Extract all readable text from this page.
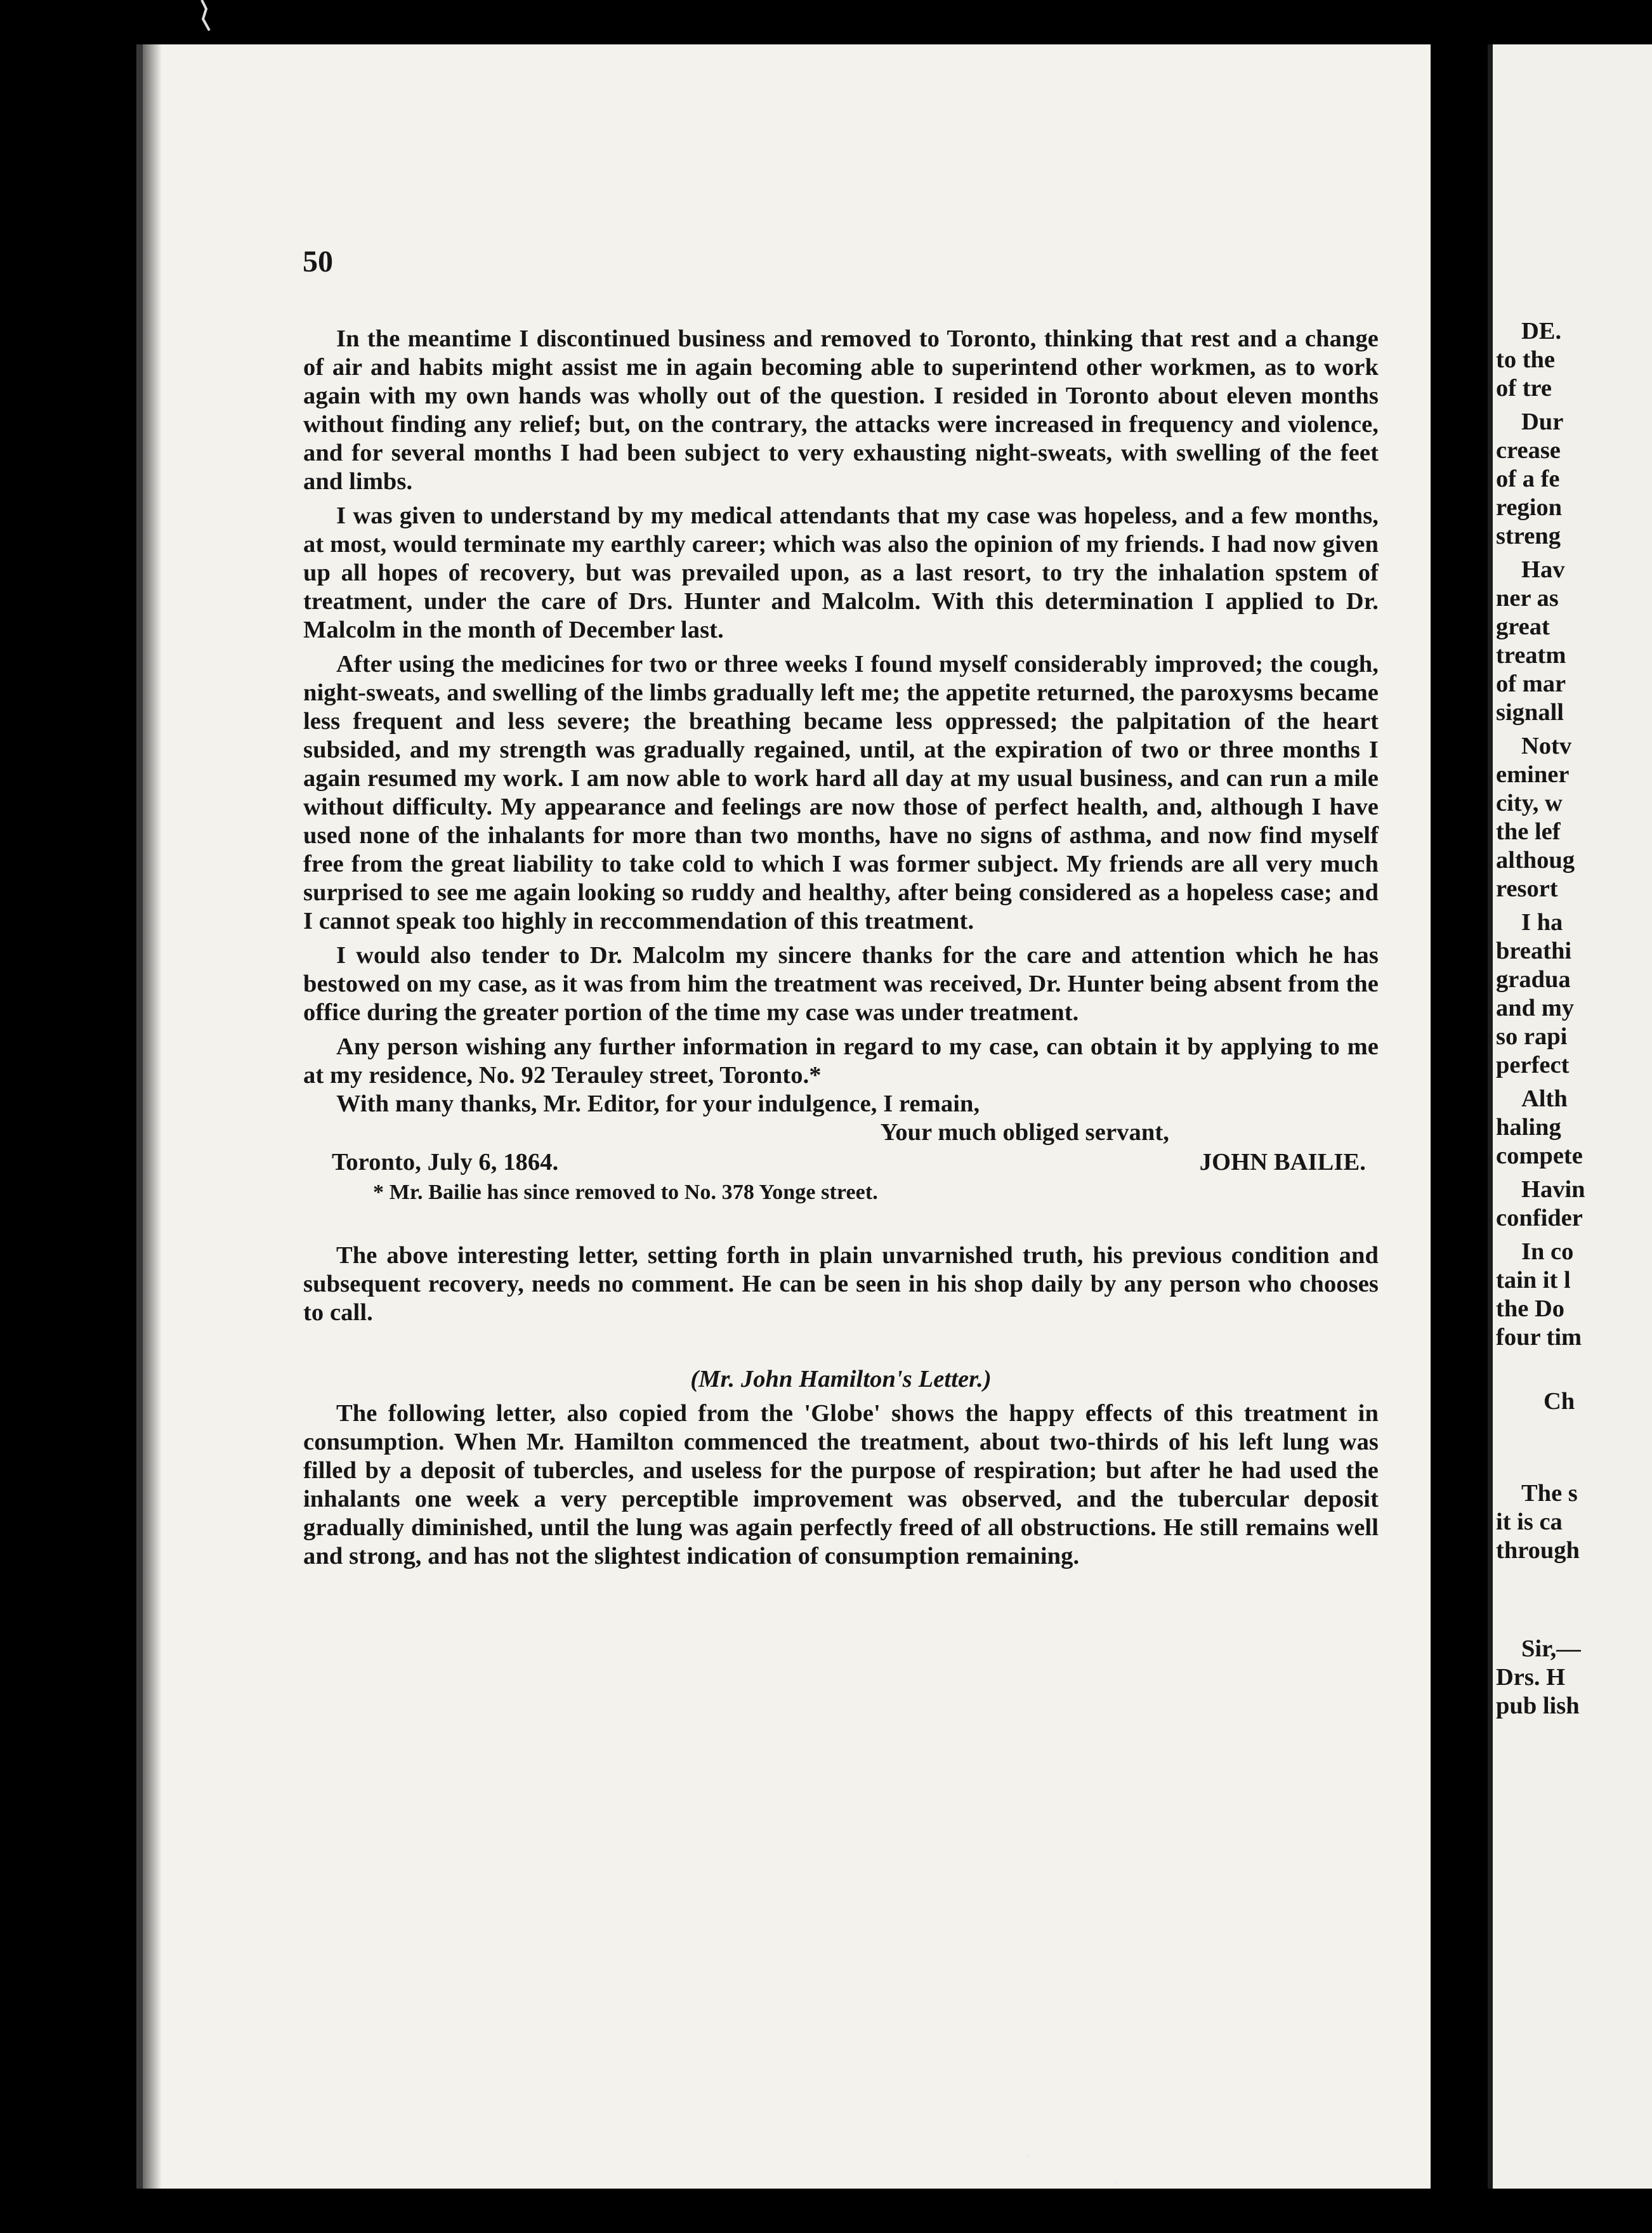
50

In the meantime I discontinued business and removed to Toronto, thinking that rest and a change of air and habits might assist me in again becoming able to superintend other workmen, as to work again with my own hands was wholly out of the question. I resided in Toronto about eleven months without finding any relief; but, on the contrary, the attacks were increased in frequency and violence, and for several months I had been subject to very exhausting night-sweats, with swelling of the feet and limbs.

I was given to understand by my medical attendants that my case was hopeless, and a few months, at most, would terminate my earthly career; which was also the opinion of my friends. I had now given up all hopes of recovery, but was prevailed upon, as a last resort, to try the inhalation spstem of treatment, under the care of Drs. Hunter and Malcolm. With this determination I applied to Dr. Malcolm in the month of December last.

After using the medicines for two or three weeks I found myself considerably improved; the cough, night-sweats, and swelling of the limbs gradually left me; the appetite returned, the paroxysms became less frequent and less severe; the breathing became less oppressed; the palpitation of the heart subsided, and my strength was gradually regained, until, at the expiration of two or three months I again resumed my work. I am now able to work hard all day at my usual business, and can run a mile without difficulty. My appearance and feelings are now those of perfect health, and, although I have used none of the inhalants for more than two months, have no signs of asthma, and now find myself free from the great liability to take cold to which I was former subject. My friends are all very much surprised to see me again looking so ruddy and healthy, after being considered as a hopeless case; and I cannot speak too highly in reccommendation of this treatment.

I would also tender to Dr. Malcolm my sincere thanks for the care and attention which he has bestowed on my case, as it was from him the treatment was received, Dr. Hunter being absent from the office during the greater portion of the time my case was under treatment.

Any person wishing any further information in regard to my case, can obtain it by applying to me at my residence, No. 92 Terauley street, Toronto.*

With many thanks, Mr. Editor, for your indulgence, I remain,

Your much obliged servant,

Toronto, July 6, 1864.	JOHN BAILIE.

* Mr. Bailie has since removed to No. 378 Yonge street.

The above interesting letter, setting forth in plain unvarnished truth, his previous condition and subsequent recovery, needs no comment. He can be seen in his shop daily by any person who chooses to call.

(Mr. John Hamilton's Letter.)

The following letter, also copied from the 'Globe' shows the happy effects of this treatment in consumption. When Mr. Hamilton commenced the treatment, about two-thirds of his left lung was filled by a deposit of tubercles, and useless for the purpose of respiration; but after he had used the inhalants one week a very perceptible improvement was observed, and the tubercular deposit gradually diminished, until the lung was again perfectly freed of all obstructions. He still remains well and strong, and has not the slightest indication of consumption remaining.

DE.
to the
of tre
Dur
crease
of a fe
region
streng
Hav
ner as
great
treatm
of mar
signall
Notv
eminer
city, w
the lef
althoug
resort
I ha
breathi
gradua
and my
so rapi
perfect
Alth
haling
compete
Havin
confider
In co
tain it l
the Do
four tim
Ch
The s
it is ca
through
Sir,—
Drs. H
pub lish
